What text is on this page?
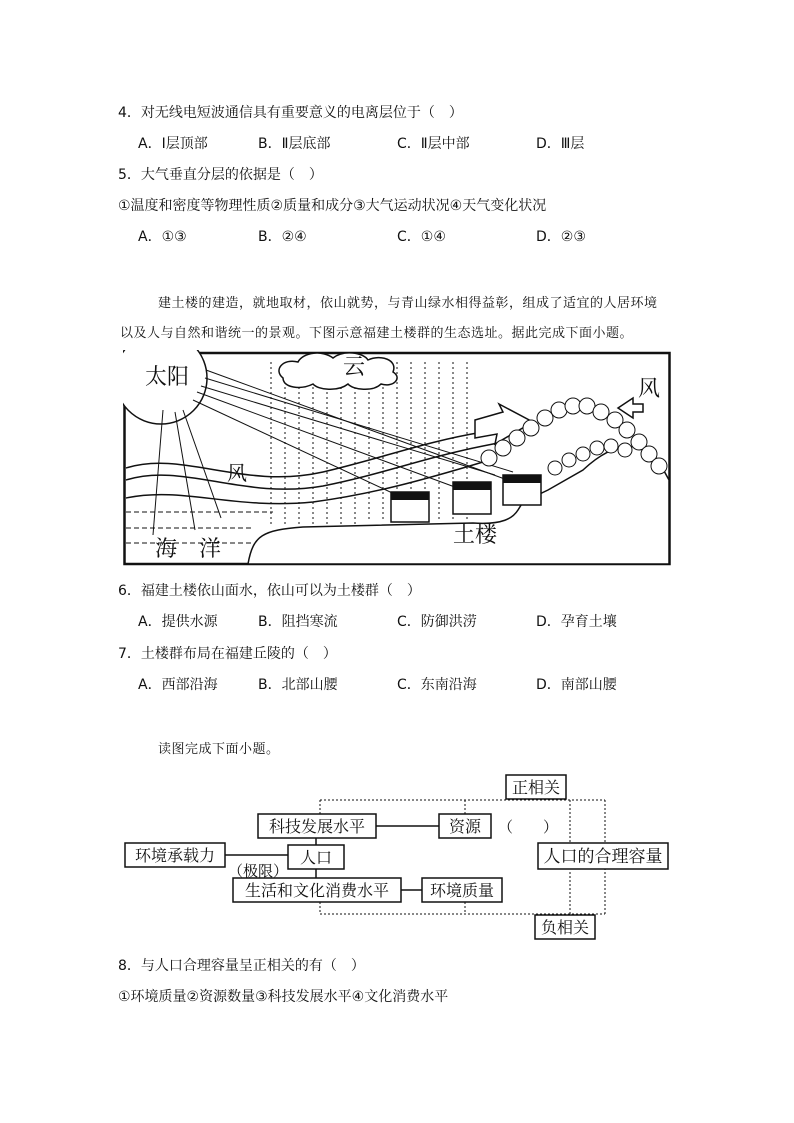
4．对无线电短波通信具有重要意义的电离层位于（　）
A．Ⅰ层顶部	B．Ⅱ层底部	C．Ⅱ层中部	D．Ⅲ层
5．大气垂直分层的依据是（　）
①温度和密度等物理性质②质量和成分③大气运动状况④天气变化状况
A．①③	B．②④	C．①④	D．②③
建土楼的建造，就地取材，依山就势，与青山绿水相得益彰，组成了适宜的人居环境
以及人与自然和谐统一的景观。下图示意福建土楼群的生态选址。据此完成下面小题。
太阳	云
风
风
海　洋
土楼
6．福建土楼依山面水，依山可以为土楼群（　）
A．提供水源	B．阻挡寒流	C．防御洪涝	D．孕育土壤
7．土楼群布局在福建丘陵的（　）
A．西部沿海	B．北部山腰	C．东南沿海	D．南部山腰
读图完成下面小题。
正相关
科技发展水平	资源 （　　）
环境承载力
（极限）
人口	人口的合理容量
生活和文化消费水平	环境质量
负相关
8．与人口合理容量呈正相关的有（　）
①环境质量②资源数量③科技发展水平④文化消费水平
